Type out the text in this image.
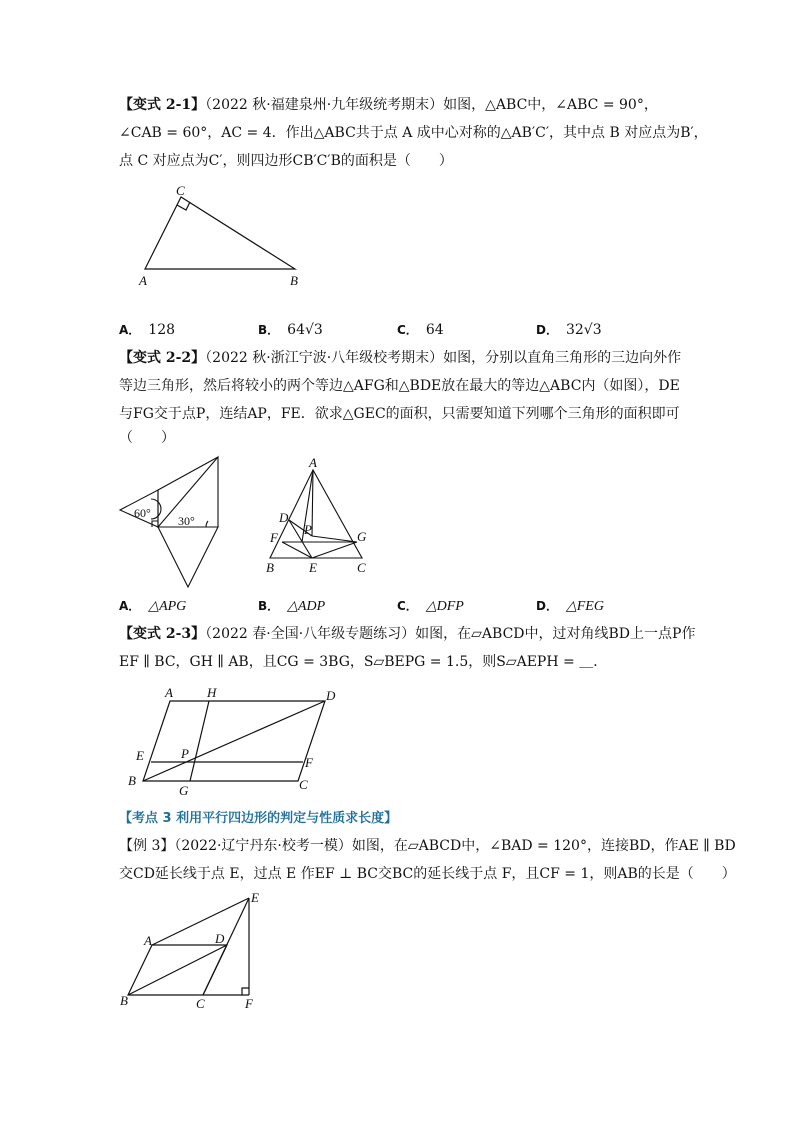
【变式 2-1】（2022 秋·福建泉州·九年级统考期末）如图，△ABC中，∠ABC = 90°，
∠CAB = 60°，AC = 4．作出△ABC共于点 A 成中心对称的△AB′C′，其中点 B 对应点为B′，
点 C 对应点为C′，则四边形CB′C′B的面积是（　　）
C
A	B
A． 128	B． 64√3	C． 64	D． 32√3
【变式 2-2】（2022 秋·浙江宁波·八年级校考期末）如图，分别以直角三角形的三边向外作
等边三角形，然后将较小的两个等边△AFG和△BDE放在最大的等边△ABC内（如图），DE
与FG交于点P，连结AP，FE．欲求△GEC的面积，只需要知道下列哪个三角形的面积即可
（　　）
60°
30°
A
D
P
F	G
B	E	C
A． △APG	B． △ADP	C． △DFP	D． △FEG
【变式 2-3】（2022 春·全国·八年级专题练习）如图，在▱ABCD中，过对角线BD上一点P作
EF ∥ BC，GH ∥ AB，且CG = 3BG，S▱BEPG = 1.5，则S▱AEPH = ＿．
A	H	D
E	P
F
B
G	C
【考点 3 利用平行四边形的判定与性质求长度】
【例 3】（2022·辽宁丹东·校考一模）如图，在▱ABCD中，∠BAD = 120°，连接BD，作AE ∥ BD
交CD延长线于点 E，过点 E 作EF ⊥ BC交BC的延长线于点 F，且CF = 1，则AB的长是（　　）
E
A	D
B	C	F
